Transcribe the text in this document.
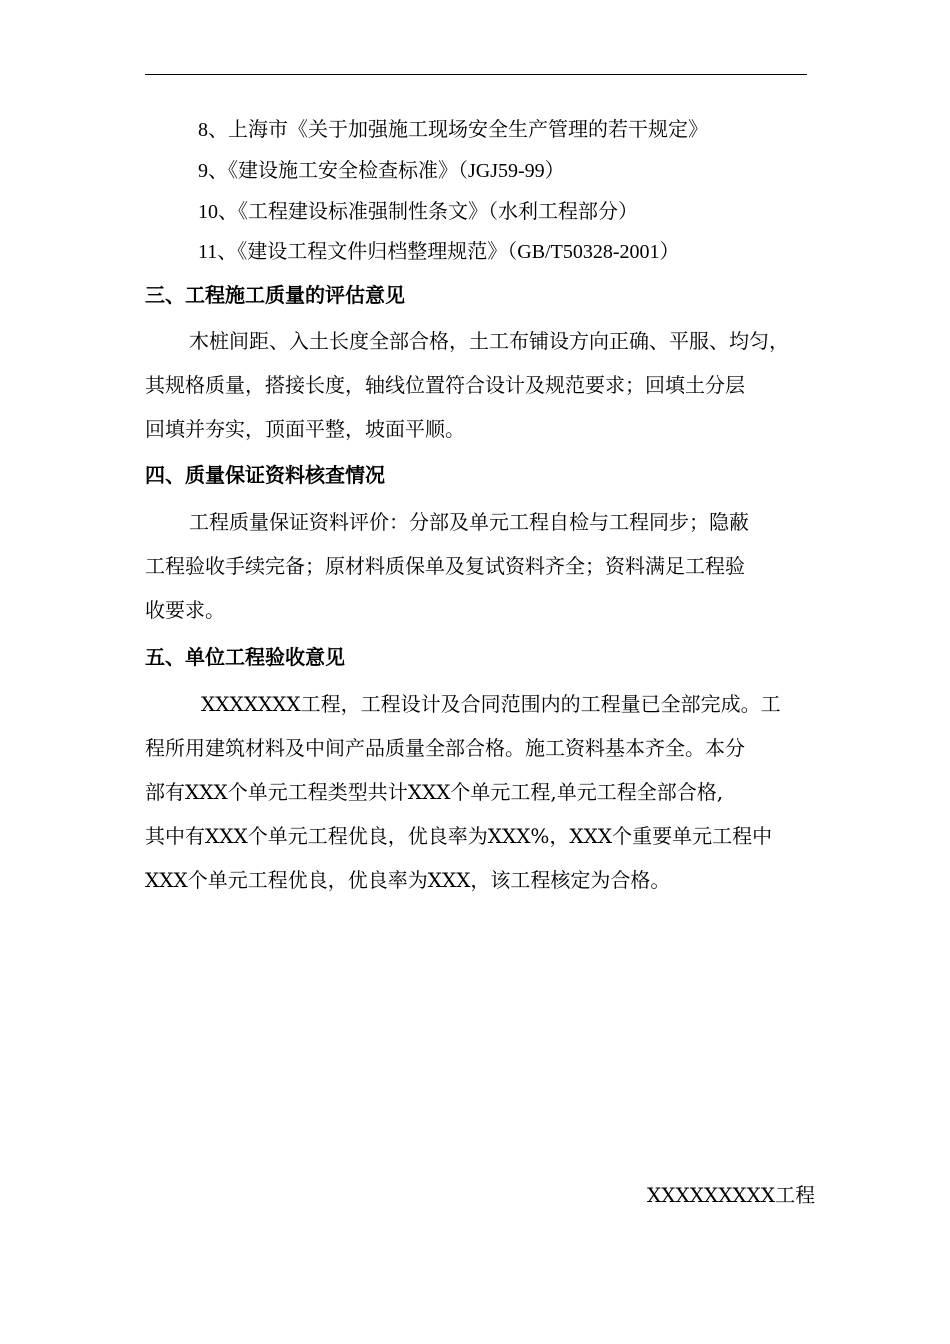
8、上海市《关于加强施工现场安全生产管理的若干规定》
9、《建设施工安全检查标准》（JGJ59-99）
10、《工程建设标准强制性条文》（水利工程部分）
11、《建设工程文件归档整理规范》（GB/T50328-2001）
三、工程施工质量的评估意见
木桩间距、入土长度全部合格，土工布铺设方向正确、平服、均匀，
其规格质量，搭接长度，轴线位置符合设计及规范要求；回填土分层
回填并夯实，顶面平整，坡面平顺。
四、质量保证资料核查情况
工程质量保证资料评价：分部及单元工程自检与工程同步；隐蔽
工程验收手续完备；原材料质保单及复试资料齐全；资料满足工程验
收要求。
五、单位工程验收意见
XXXXXXX工程，工程设计及合同范围内的工程量已全部完成。工
程所用建筑材料及中间产品质量全部合格。施工资料基本齐全。本分
部有XXX个单元工程类型共计XXX个单元工程,单元工程全部合格,
其中有XXX个单元工程优良，优良率为XXX%，XXX个重要单元工程中
XXX个单元工程优良，优良率为XXX，该工程核定为合格。
XXXXXXXXX工程
